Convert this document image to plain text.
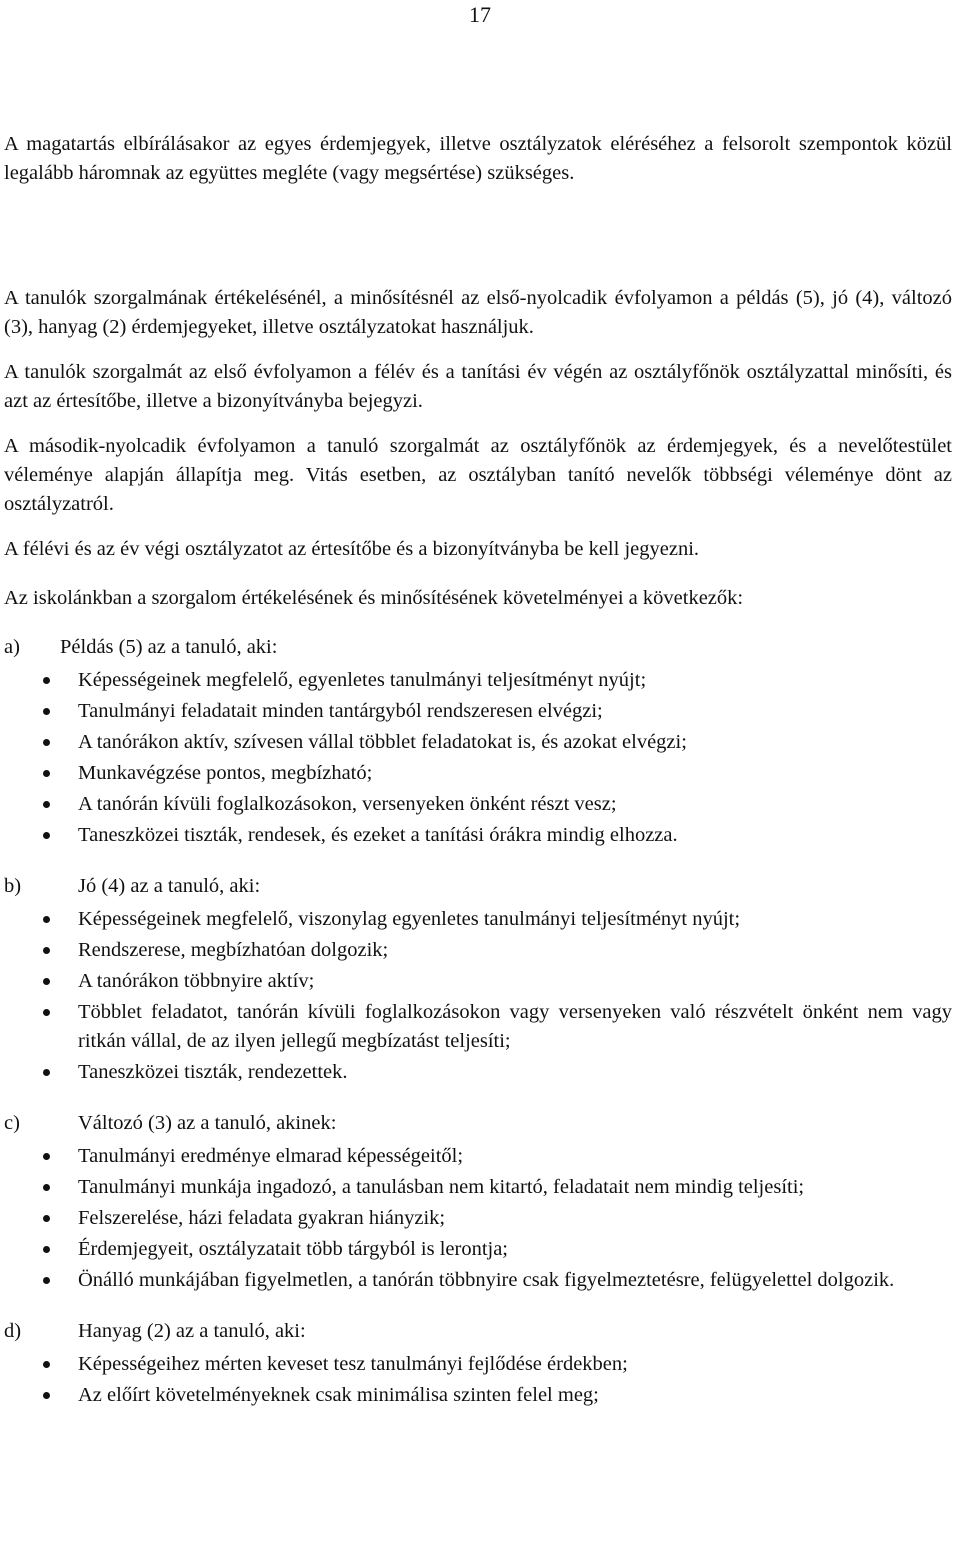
17

A magatartás elbírálásakor az egyes érdemjegyek, illetve osztályzatok eléréséhez a felsorolt szempontok közül legalább háromnak az együttes megléte (vagy megsértése) szükséges.

A tanulók szorgalmának értékelésénél, a minősítésnél az első-nyolcadik évfolyamon a példás (5), jó (4), változó (3), hanyag (2) érdemjegyeket, illetve osztályzatokat használjuk.

A tanulók szorgalmát az első évfolyamon a félév és a tanítási év végén az osztályfőnök osztályzattal minősíti, és azt az értesítőbe, illetve a bizonyítványba bejegyzi.

A második-nyolcadik évfolyamon a tanuló szorgalmát az osztályfőnök az érdemjegyek, és a nevelőtestület véleménye alapján állapítja meg. Vitás esetben, az osztályban tanító nevelők többségi véleménye dönt az osztályzatról.

A félévi és az év végi osztályzatot az értesítőbe és a bizonyítványba be kell jegyezni.

Az iskolánkban a szorgalom értékelésének és minősítésének követelményei a következők:

a)	Példás (5) az a tanuló, aki:
Képességeinek megfelelő, egyenletes tanulmányi teljesítményt nyújt;
Tanulmányi feladatait minden tantárgyból rendszeresen elvégzi;
A tanórákon aktív, szívesen vállal többlet feladatokat is, és azokat elvégzi;
Munkavégzése pontos, megbízható;
A tanórán kívüli foglalkozásokon, versenyeken önként részt vesz;
Taneszközei tiszták, rendesek, és ezeket a tanítási órákra mindig elhozza.
b)	Jó (4) az a tanuló, aki:
Képességeinek megfelelő, viszonylag egyenletes tanulmányi teljesítményt nyújt;
Rendszerese, megbízhatóan dolgozik;
A tanórákon többnyire aktív;
Többlet feladatot, tanórán kívüli foglalkozásokon vagy versenyeken való részvételt önként nem vagy ritkán vállal, de az ilyen jellegű megbízatást teljesíti;
Taneszközei tiszták, rendezettek.
c)	Változó (3) az a tanuló, akinek:
Tanulmányi eredménye elmarad képességeitől;
Tanulmányi munkája ingadozó, a tanulásban nem kitartó, feladatait nem mindig teljesíti;
Felszerelése, házi feladata gyakran hiányzik;
Érdemjegyeit, osztályzatait több tárgyból is lerontja;
Önálló munkájában figyelmetlen, a tanórán többnyire csak figyelmeztetésre, felügyelettel dolgozik.
d)	Hanyag (2) az a tanuló, aki:
Képességeihez mérten keveset tesz tanulmányi fejlődése érdekben;
Az előírt követelményeknek csak minimálisa szinten felel meg;
